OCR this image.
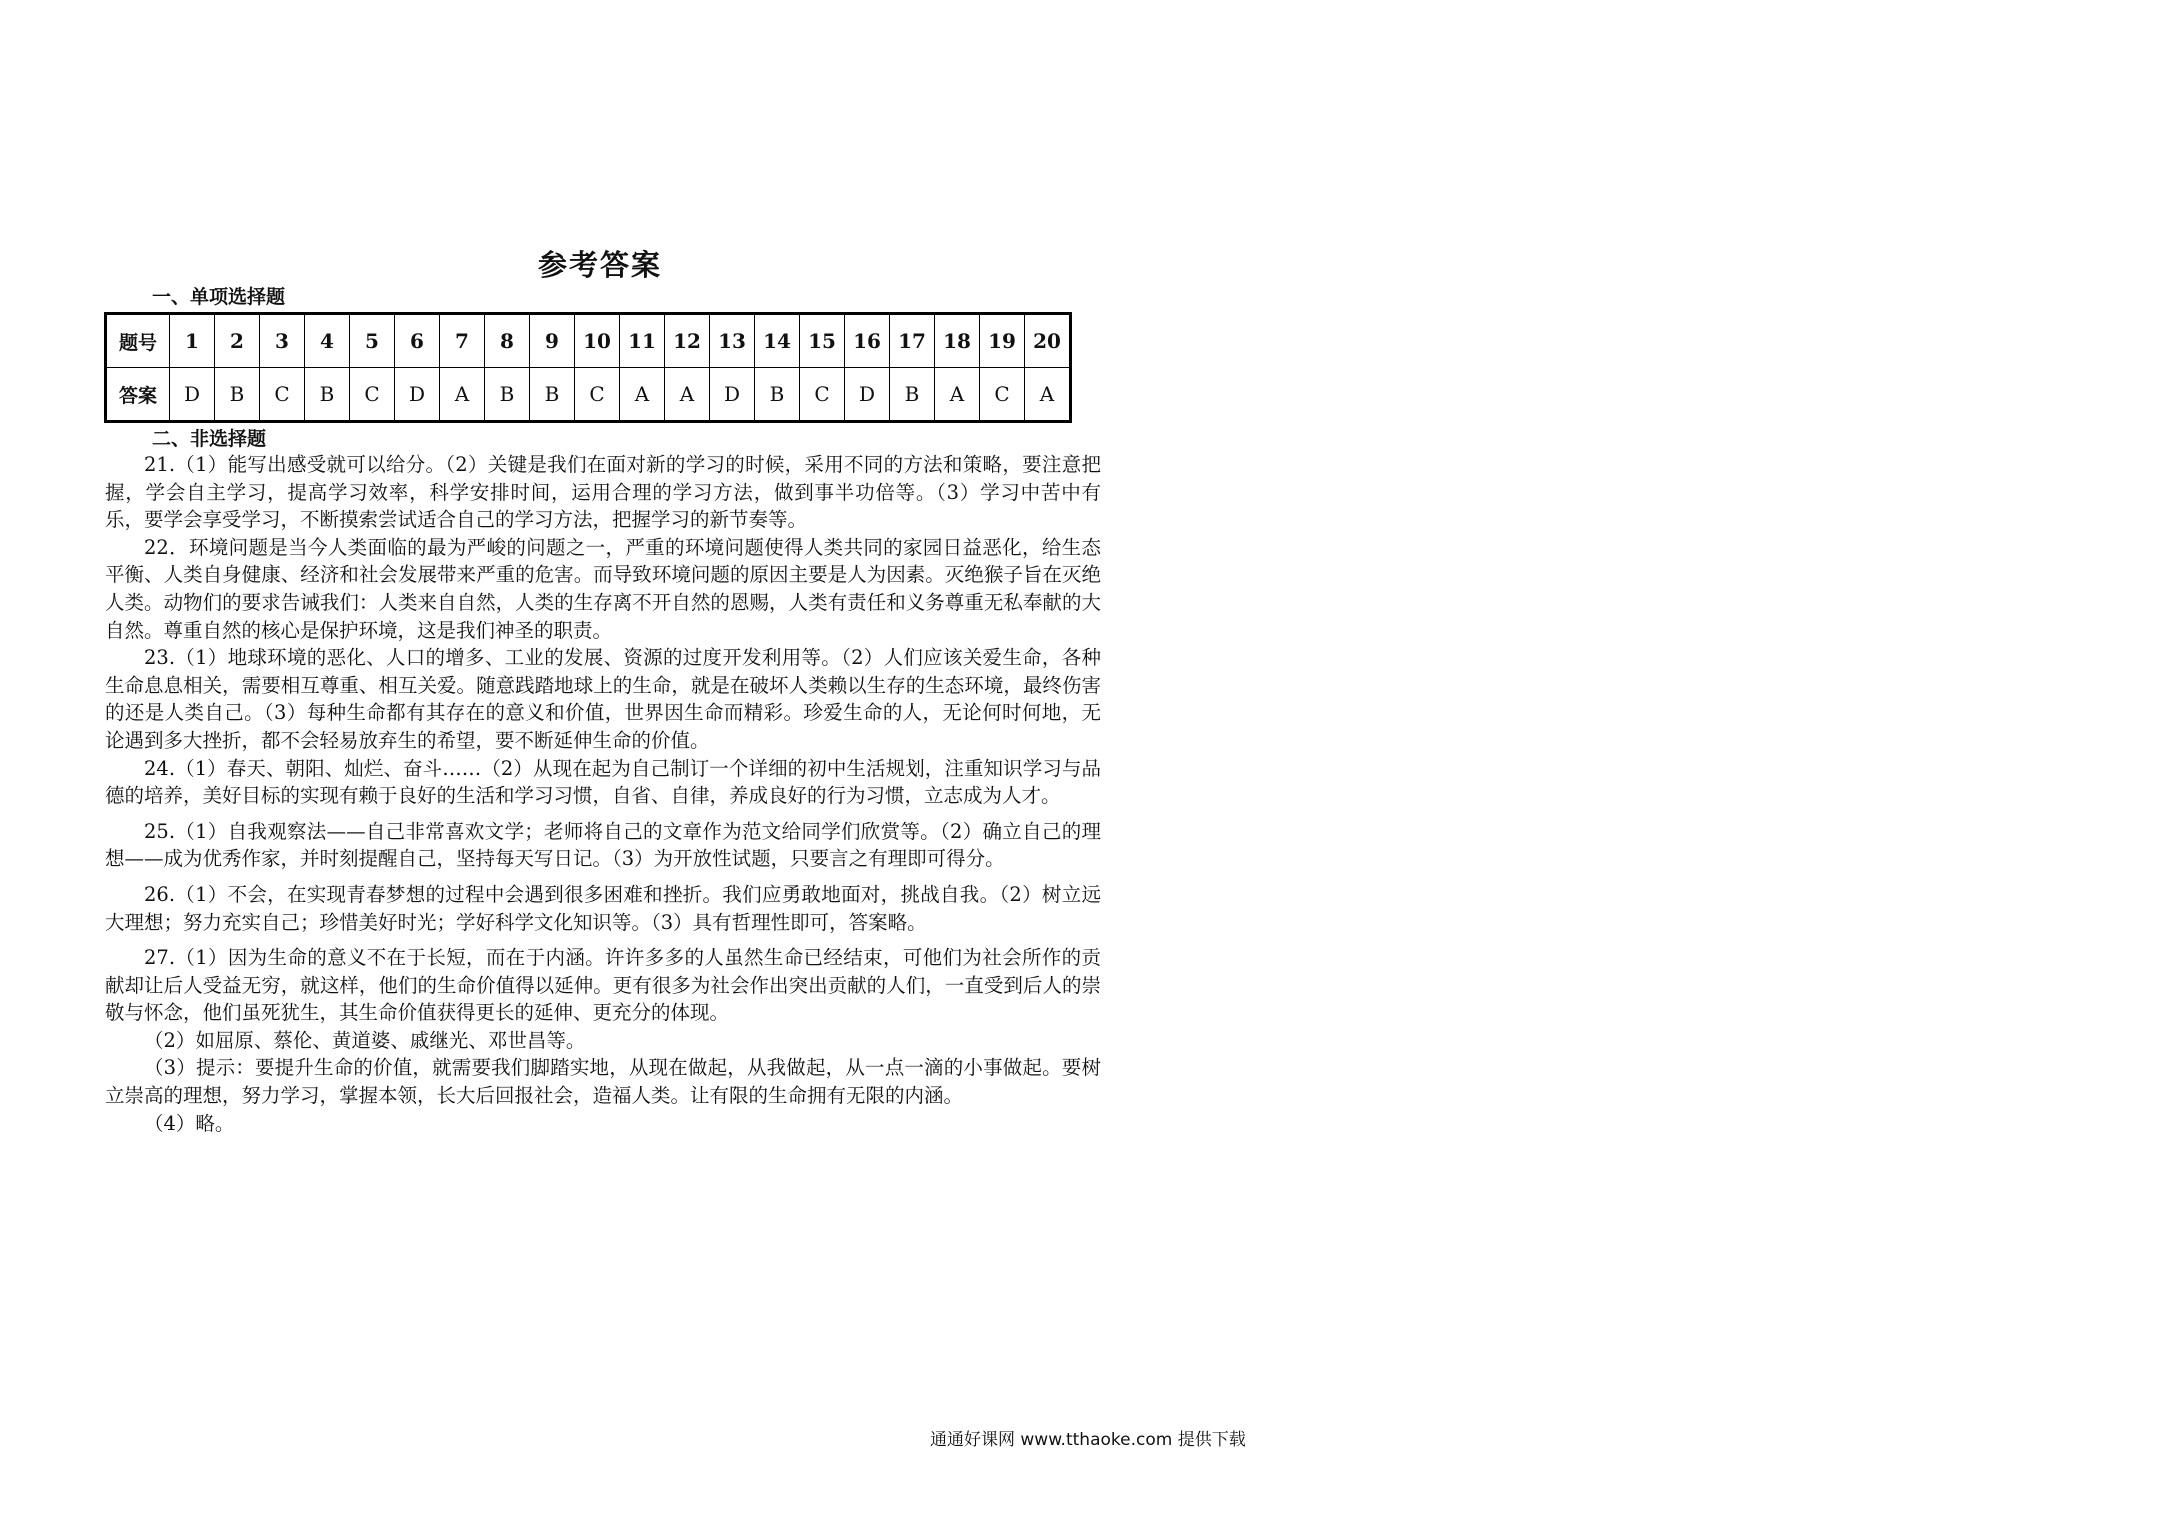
参考答案
一、单项选择题
题号	1	2	3	4	5	6	7	8	9	10	11	12	13	14	15	16	17	18	19	20
答案	D	B	C	B	C	D	A	B	B	C	A	A	D	B	C	D	B	A	C	A
二、非选择题

21.（1）能写出感受就可以给分。（2）关键是我们在面对新的学习的时候，采用不同的方法和策略，要注意把握，学会自主学习，提高学习效率，科学安排时间，运用合理的学习方法，做到事半功倍等。（3）学习中苦中有乐，要学会享受学习，不断摸索尝试适合自己的学习方法，把握学习的新节奏等。

22．环境问题是当今人类面临的最为严峻的问题之一，严重的环境问题使得人类共同的家园日益恶化，给生态平衡、人类自身健康、经济和社会发展带来严重的危害。而导致环境问题的原因主要是人为因素。灭绝猴子旨在灭绝人类。动物们的要求告诫我们：人类来自自然，人类的生存离不开自然的恩赐，人类有责任和义务尊重无私奉献的大自然。尊重自然的核心是保护环境，这是我们神圣的职责。

23.（1）地球环境的恶化、人口的增多、工业的发展、资源的过度开发利用等。（2）人们应该关爱生命，各种生命息息相关，需要相互尊重、相互关爱。随意践踏地球上的生命，就是在破坏人类赖以生存的生态环境，最终伤害的还是人类自己。（3）每种生命都有其存在的意义和价值，世界因生命而精彩。珍爱生命的人，无论何时何地，无论遇到多大挫折，都不会轻易放弃生的希望，要不断延伸生命的价值。

24.（1）春天、朝阳、灿烂、奋斗……（2）从现在起为自己制订一个详细的初中生活规划，注重知识学习与品德的培养，美好目标的实现有赖于良好的生活和学习习惯，自省、自律，养成良好的行为习惯，立志成为人才。

25.（1）自我观察法——自己非常喜欢文学；老师将自己的文章作为范文给同学们欣赏等。（2）确立自己的理想——成为优秀作家，并时刻提醒自己，坚持每天写日记。（3）为开放性试题，只要言之有理即可得分。

26.（1）不会，在实现青春梦想的过程中会遇到很多困难和挫折。我们应勇敢地面对，挑战自我。（2）树立远大理想；努力充实自己；珍惜美好时光；学好科学文化知识等。（3）具有哲理性即可，答案略。

27.（1）因为生命的意义不在于长短，而在于内涵。许许多多的人虽然生命已经结束，可他们为社会所作的贡献却让后人受益无穷，就这样，他们的生命价值得以延伸。更有很多为社会作出突出贡献的人们，一直受到后人的崇敬与怀念，他们虽死犹生，其生命价值获得更长的延伸、更充分的体现。

（2）如屈原、蔡伦、黄道婆、戚继光、邓世昌等。

（3）提示：要提升生命的价值，就需要我们脚踏实地，从现在做起，从我做起，从一点一滴的小事做起。要树立崇高的理想，努力学习，掌握本领，长大后回报社会，造福人类。让有限的生命拥有无限的内涵。

（4）略。

通通好课网 www.tthaoke.com 提供下载
